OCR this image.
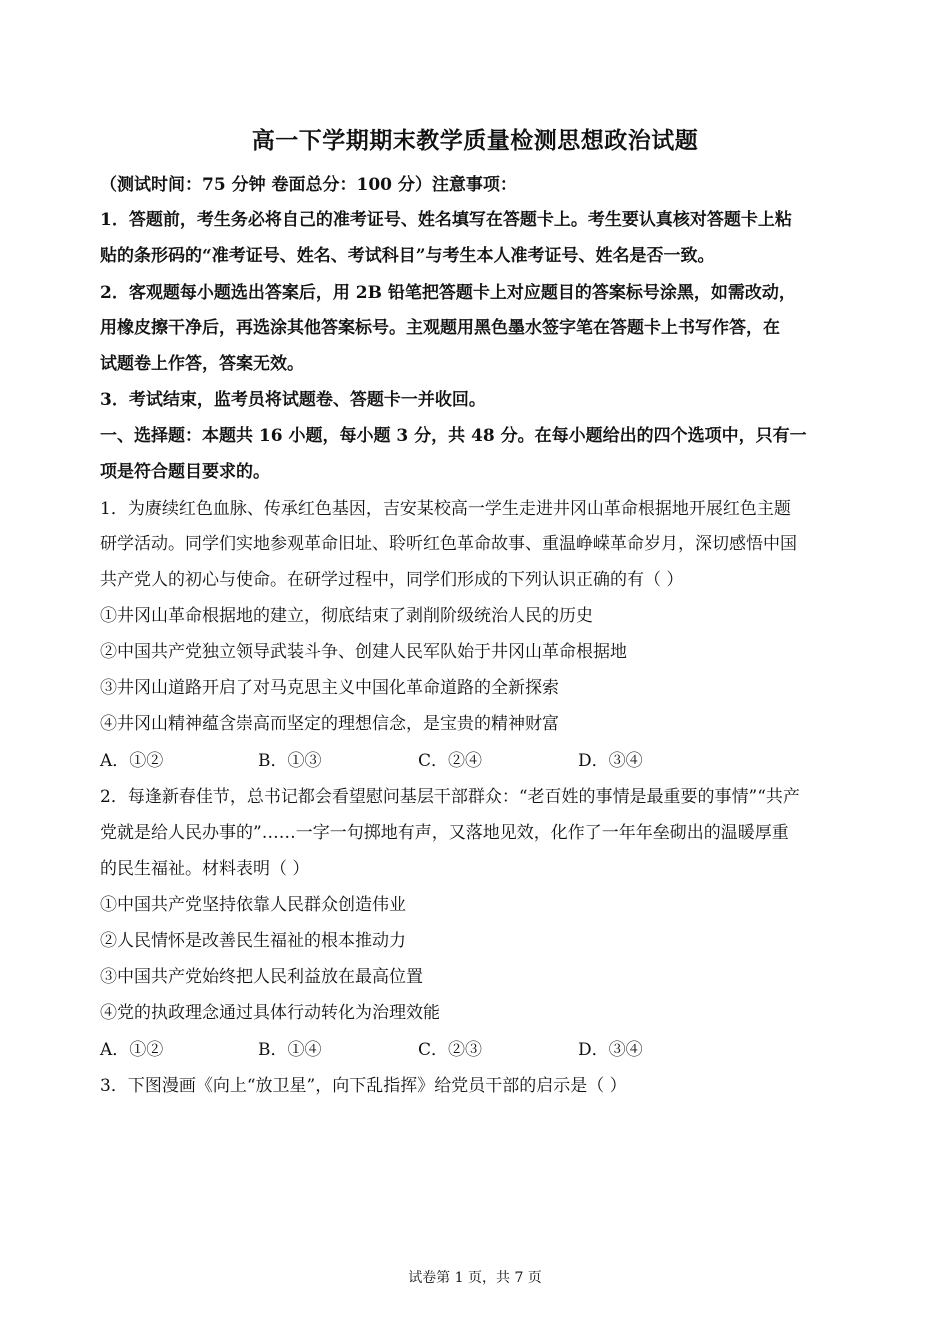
高一下学期期末教学质量检测思想政治试题
（测试时间：75 分钟 卷面总分：100 分）注意事项：
1．答题前，考生务必将自己的准考证号、姓名填写在答题卡上。考生要认真核对答题卡上粘
贴的条形码的“准考证号、姓名、考试科目”与考生本人准考证号、姓名是否一致。
2．客观题每小题选出答案后，用 2B 铅笔把答题卡上对应题目的答案标号涂黑，如需改动，
用橡皮擦干净后，再选涂其他答案标号。主观题用黑色墨水签字笔在答题卡上书写作答，在
试题卷上作答，答案无效。
3．考试结束，监考员将试题卷、答题卡一并收回。
一、选择题：本题共 16 小题，每小题 3 分，共 48 分。在每小题给出的四个选项中，只有一
项是符合题目要求的。
1．为赓续红色血脉、传承红色基因，吉安某校高一学生走进井冈山革命根据地开展红色主题
研学活动。同学们实地参观革命旧址、聆听红色革命故事、重温峥嵘革命岁月，深切感悟中国
共产党人的初心与使命。在研学过程中，同学们形成的下列认识正确的有（ ）
①井冈山革命根据地的建立，彻底结束了剥削阶级统治人民的历史
②中国共产党独立领导武装斗争、创建人民军队始于井冈山革命根据地
③井冈山道路开启了对马克思主义中国化革命道路的全新探索
④井冈山精神蕴含崇高而坚定的理想信念，是宝贵的精神财富
A．①②	B．①③	C．②④	D．③④
2．每逢新春佳节，总书记都会看望慰问基层干部群众：“老百姓的事情是最重要的事情”“共产
党就是给人民办事的”……一字一句掷地有声，又落地见效，化作了一年年垒砌出的温暖厚重
的民生福祉。材料表明（ ）
①中国共产党坚持依靠人民群众创造伟业
②人民情怀是改善民生福祉的根本推动力
③中国共产党始终把人民利益放在最高位置
④党的执政理念通过具体行动转化为治理效能
A．①②	B．①④	C．②③	D．③④
3．下图漫画《向上“放卫星”，向下乱指挥》给党员干部的启示是（ ）
试卷第 1 页，共 7 页
